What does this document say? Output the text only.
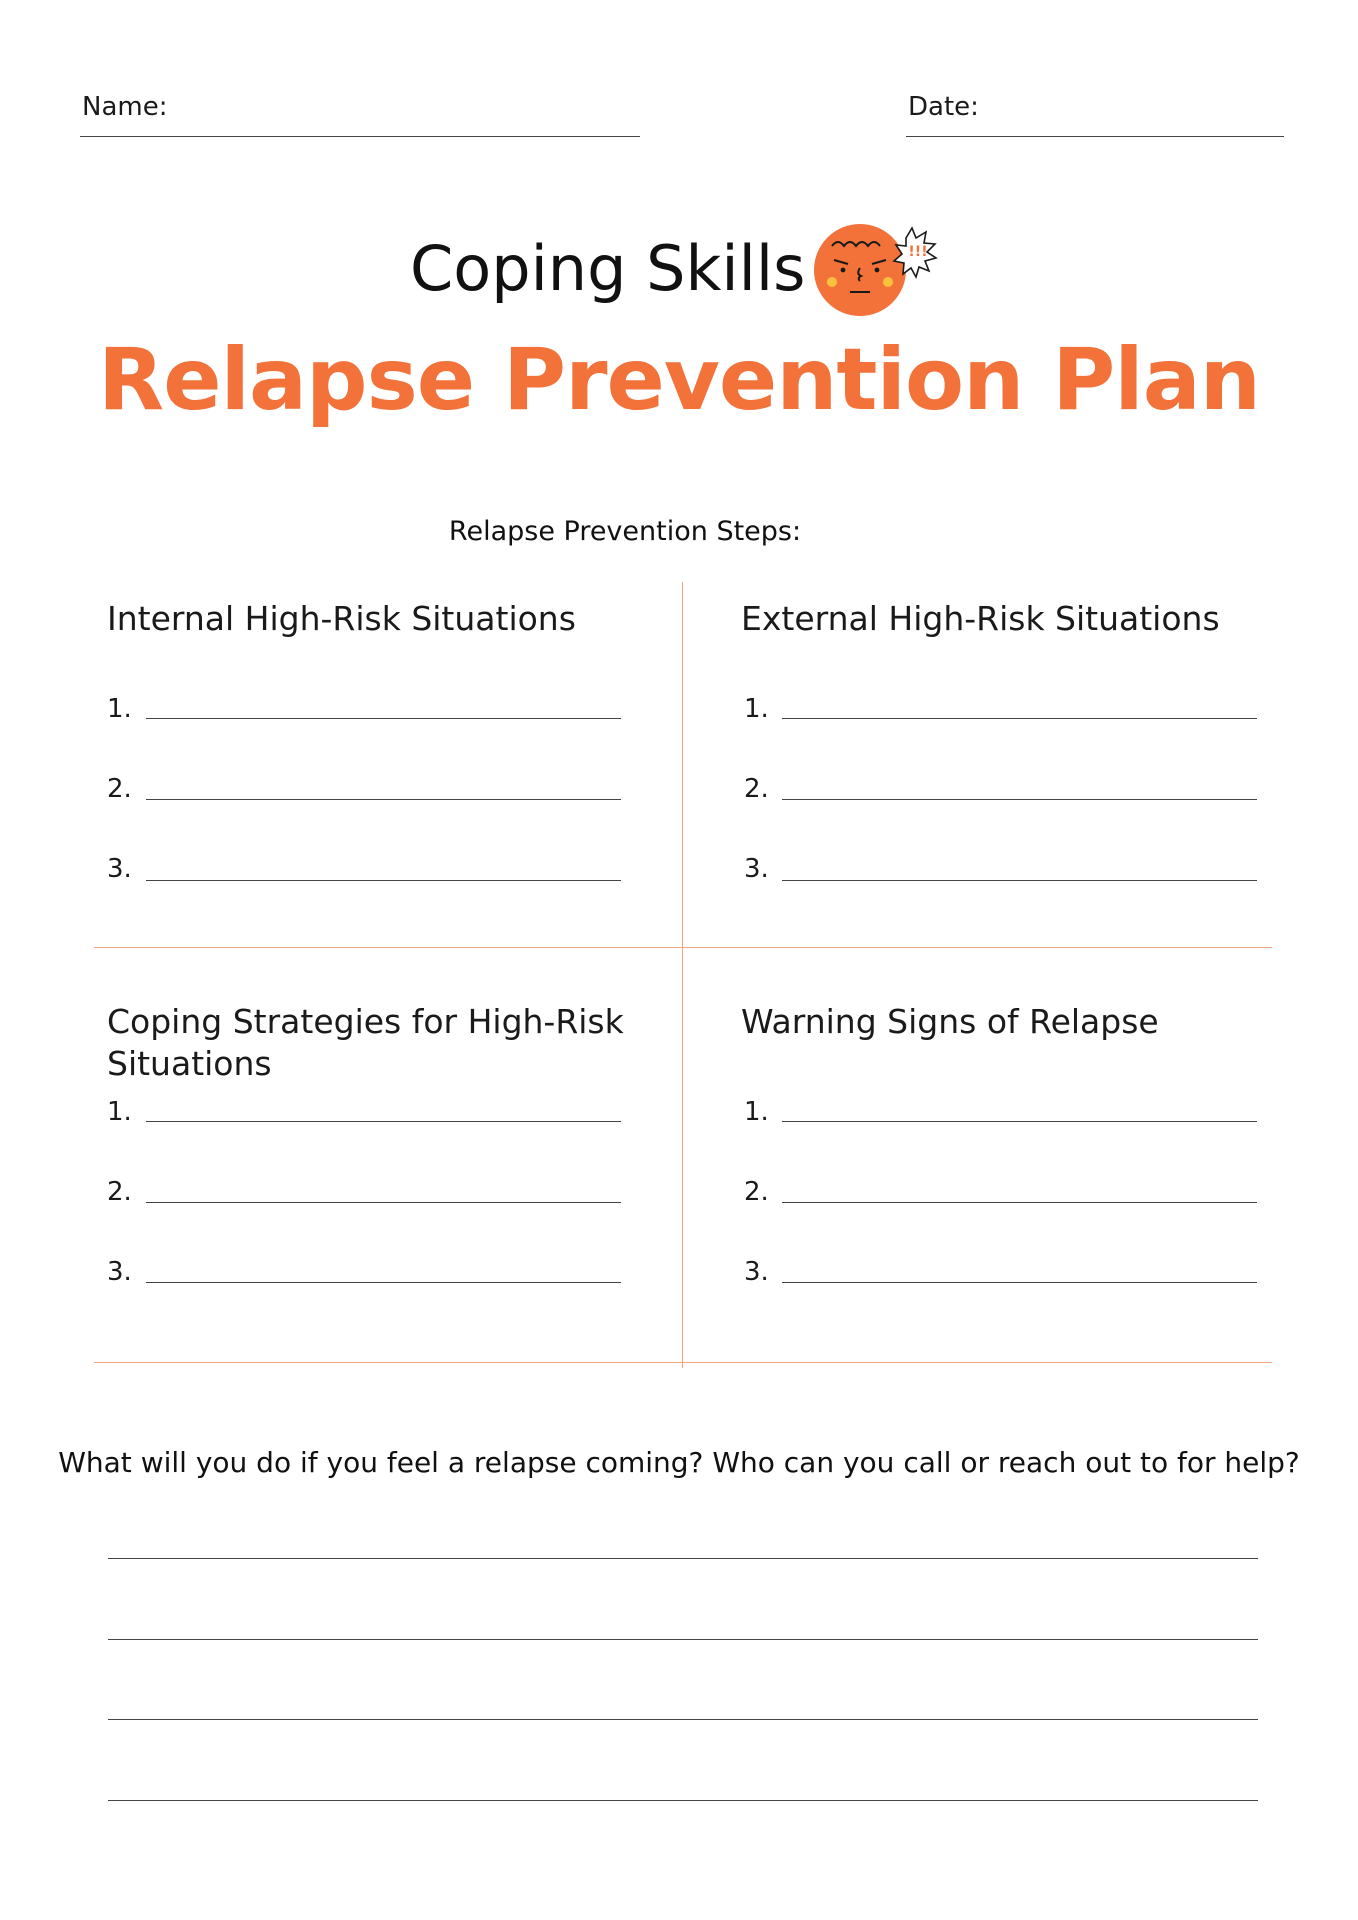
Name:	Date:
Coping Skills	!!!
Relapse Prevention Plan
Relapse Prevention Steps:
Internal High-Risk Situations
1.
2.
3.
External High-Risk Situations
1.
2.
3.
Coping Strategies for High-Risk Situations
1.
2.
3.
Warning Signs of Relapse
1.
2.
3.
What will you do if you feel a relapse coming? Who can you call or reach out to for help?
